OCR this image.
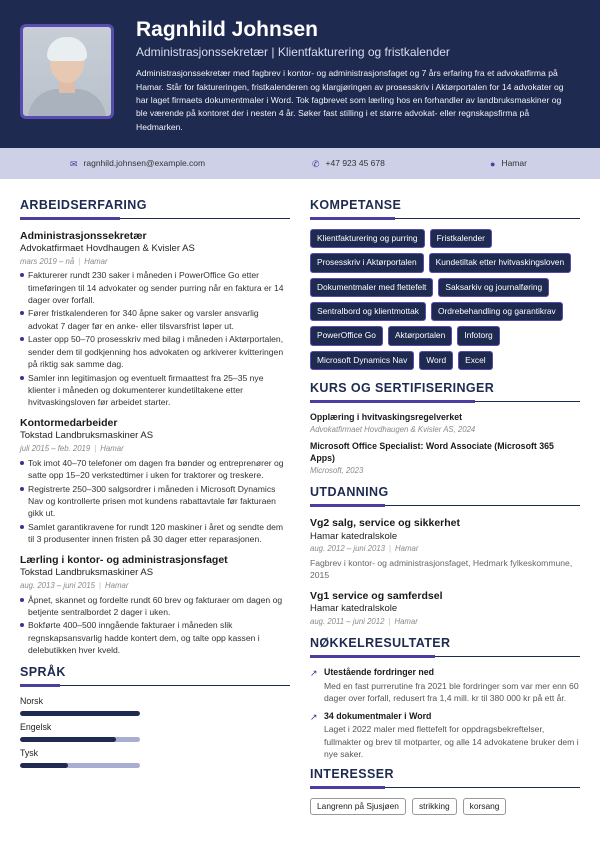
Ragnhild Johnsen
Administrasjonssekretær | Klientfakturering og fristkalender
Administrasjonssekretær med fagbrev i kontor- og administrasjonsfaget og 7 års erfaring fra et advokatfirma på Hamar. Står for faktureringen, fristkalenderen og klargjøringen av prosesskriv i Aktørportalen for 14 advokater og har laget firmaets dokumentmaler i Word. Tok fagbrevet som lærling hos en forhandler av landbruksmaskiner og ble værende på kontoret der i nesten 4 år. Søker fast stilling i et større advokat- eller regnskapsfirma på Hedmarken.
✉ ragnhild.johnsen@example.com	✆ +47 923 45 678	● Hamar
ARBEIDSERFARING
Administrasjonssekretær
Advokatfirmaet Hovdhaugen & Kvisler AS
mars 2019 – nå | Hamar
Fakturerer rundt 230 saker i måneden i PowerOffice Go etter timeføringen til 14 advokater og sender purring når en faktura er 14 dager over forfall.
Fører fristkalenderen for 340 åpne saker og varsler ansvarlig advokat 7 dager før en anke- eller tilsvarsfrist løper ut.
Laster opp 50–70 prosesskriv med bilag i måneden i Aktørportalen, sender dem til godkjenning hos advokaten og arkiverer kvitteringen på riktig sak samme dag.
Samler inn legitimasjon og eventuelt firmaattest fra 25–35 nye klienter i måneden og dokumenterer kundetiltakene etter hvitvaskingsloven før arbeidet starter.
Kontormedarbeider
Tokstad Landbruksmaskiner AS
juli 2015 – feb. 2019 | Hamar
Tok imot 40–70 telefoner om dagen fra bønder og entreprenører og satte opp 15–20 verkstedtimer i uken for traktorer og treskere.
Registrerte 250–300 salgsordrer i måneden i Microsoft Dynamics Nav og kontrollerte prisen mot kundens rabattavtale før fakturaen gikk ut.
Samlet garantikravene for rundt 120 maskiner i året og sendte dem til 3 produsenter innen fristen på 30 dager etter reparasjonen.
Lærling i kontor- og administrasjonsfaget
Tokstad Landbruksmaskiner AS
aug. 2013 – juni 2015 | Hamar
Åpnet, skannet og fordelte rundt 60 brev og fakturaer om dagen og betjente sentralbordet 2 dager i uken.
Bokførte 400–500 inngående fakturaer i måneden slik regnskapsansvarlig hadde kontert dem, og talte opp kassen i delebutikken hver kveld.
SPRÅK
Norsk
Engelsk
Tysk
KOMPETANSE
Klientfakturering og purring	Fristkalender
Prosesskriv i Aktørportalen	Kundetiltak etter hvitvaskingsloven
Dokumentmaler med flettefelt	Saksarkiv og journalføring
Sentralbord og klientmottak	Ordrebehandling og garantikrav
PowerOffice Go	Aktørportalen	Infotorg
Microsoft Dynamics Nav	Word	Excel
KURS OG SERTIFISERINGER
Opplæring i hvitvaskingsregelverket
Advokatfirmaet Hovdhaugen & Kvisler AS, 2024
Microsoft Office Specialist: Word Associate (Microsoft 365 Apps)
Microsoft, 2023
UTDANNING
Vg2 salg, service og sikkerhet
Hamar katedralskole
aug. 2012 – juni 2013 | Hamar
Fagbrev i kontor- og administrasjonsfaget, Hedmark fylkeskommune, 2015
Vg1 service og samferdsel
Hamar katedralskole
aug. 2011 – juni 2012 | Hamar
NØKKELRESULTATER
↗ Utestående fordringer ned
Med en fast purrerutine fra 2021 ble fordringer som var mer enn 60 dager over forfall, redusert fra 1,4 mill. kr til 380 000 kr på ett år.
↗ 34 dokumentmaler i Word
Laget i 2022 maler med flettefelt for oppdragsbekreftelser, fullmakter og brev til motparter, og alle 14 advokatene bruker dem i nye saker.
INTERESSER
Langrenn på Sjusjøen	strikking	korsang
